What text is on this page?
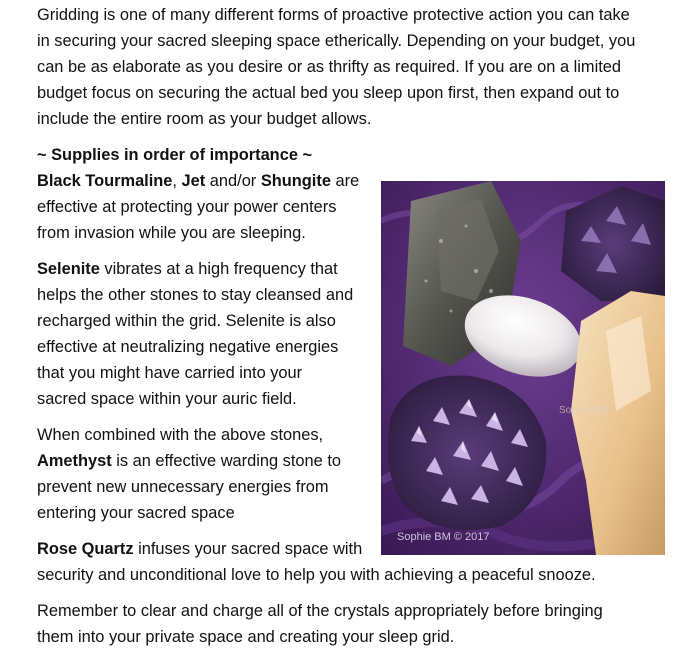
Gridding is one of many different forms of proactive protective action you can take
in securing your sacred sleeping space etherically. Depending on your budget, you
can be as elaborate as you desire or as thrifty as required. If you are on a limited
budget focus on securing the actual bed you sleep upon first, then expand out to
include the entire room as your budget allows.

~ Supplies in order of importance ~

Black Tourmaline, Jet and/or Shungite are
effective at protecting your power centers
from invasion while you are sleeping.

Selenite vibrates at a high frequency that
helps the other stones to stay cleansed and
recharged within the grid. Selenite is also
effective at neutralizing negative energies
that you might have carried into your
sacred space within your auric field.

When combined with the above stones,
Amethyst is an effective warding stone to
prevent new unnecessary energies from
entering your sacred space

Rose Quartz infuses your sacred space with
security and unconditional love to help you with achieving a peaceful snooze.

Remember to clear and charge all of the crystals appropriately before bringing
them into your private space and creating your sleep grid.

Sophie BM
Sophie BM © 2017
